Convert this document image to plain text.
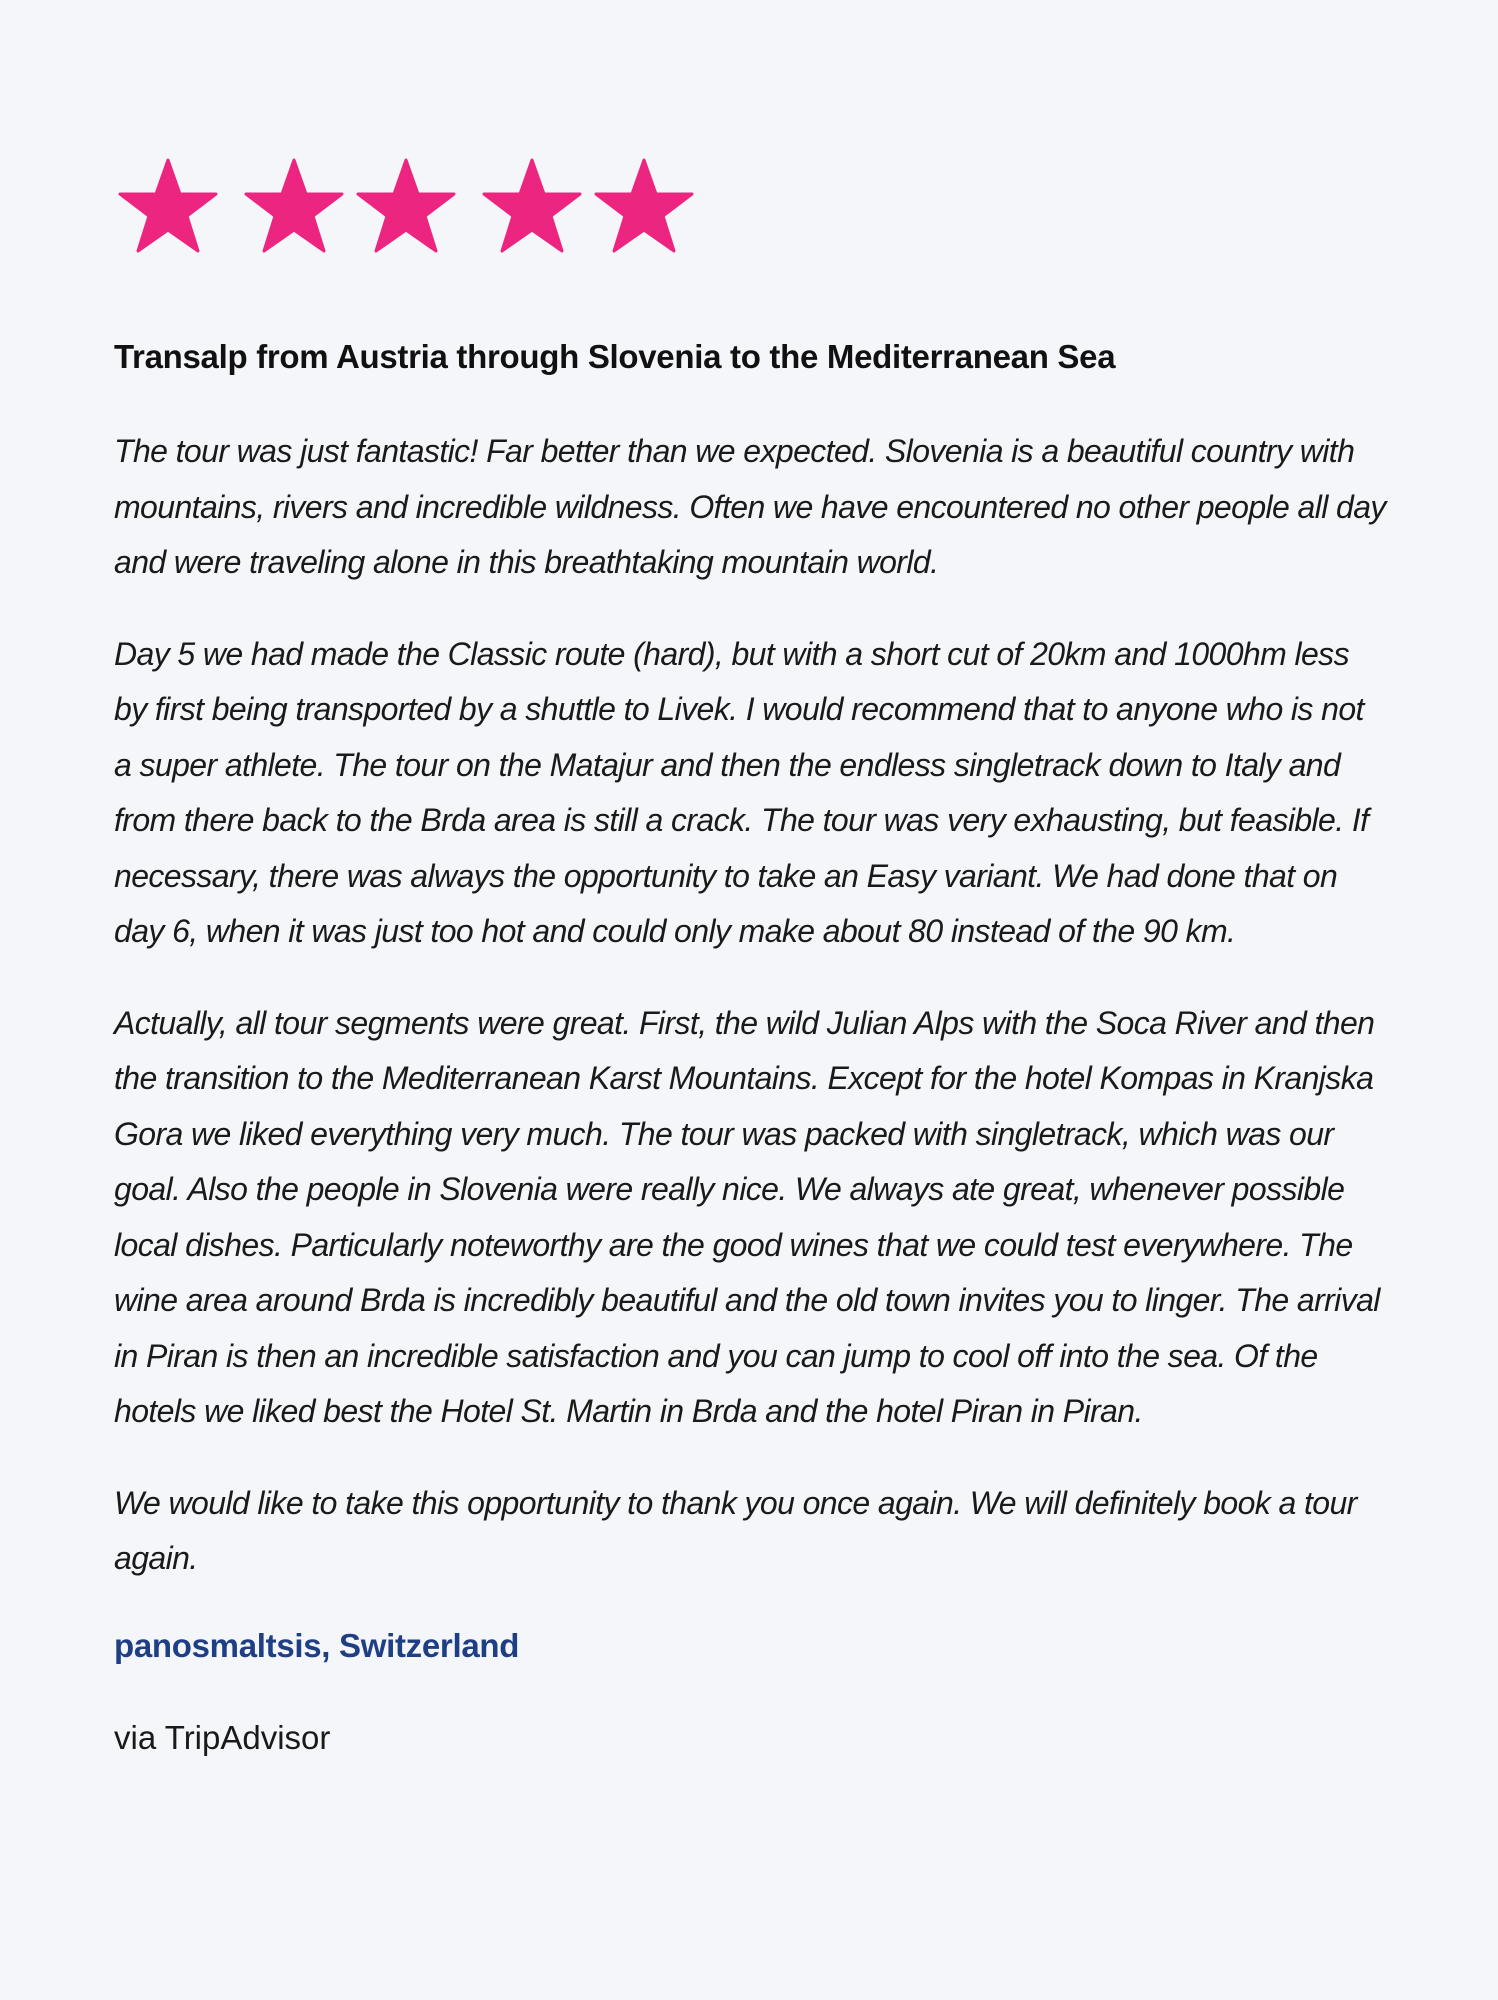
Transalp from Austria through Slovenia to the Mediterranean Sea

The tour was just fantastic! Far better than we expected. Slovenia is a beautiful country with mountains, rivers and incredible wildness. Often we have encountered no other people all day and were traveling alone in this breathtaking mountain world.

Day 5 we had made the Classic route (hard), but with a short cut of 20km and 1000hm less by first being transported by a shuttle to Livek. I would recommend that to anyone who is not a super athlete. The tour on the Matajur and then the endless singletrack down to Italy and from there back to the Brda area is still a crack. The tour was very exhausting, but feasible. If necessary, there was always the opportunity to take an Easy variant. We had done that on day 6, when it was just too hot and could only make about 80 instead of the 90 km.

Actually, all tour segments were great. First, the wild Julian Alps with the Soca River and then the transition to the Mediterranean Karst Mountains. Except for the hotel Kompas in Kranjska Gora we liked everything very much. The tour was packed with singletrack, which was our goal. Also the people in Slovenia were really nice. We always ate great, whenever possible local dishes. Particularly noteworthy are the good wines that we could test everywhere. The wine area around Brda is incredibly beautiful and the old town invites you to linger. The arrival in Piran is then an incredible satisfaction and you can jump to cool off into the sea. Of the hotels we liked best the Hotel St. Martin in Brda and the hotel Piran in Piran.

We would like to take this opportunity to thank you once again. We will definitely book a tour again.

panosmaltsis, Switzerland
via TripAdvisor
